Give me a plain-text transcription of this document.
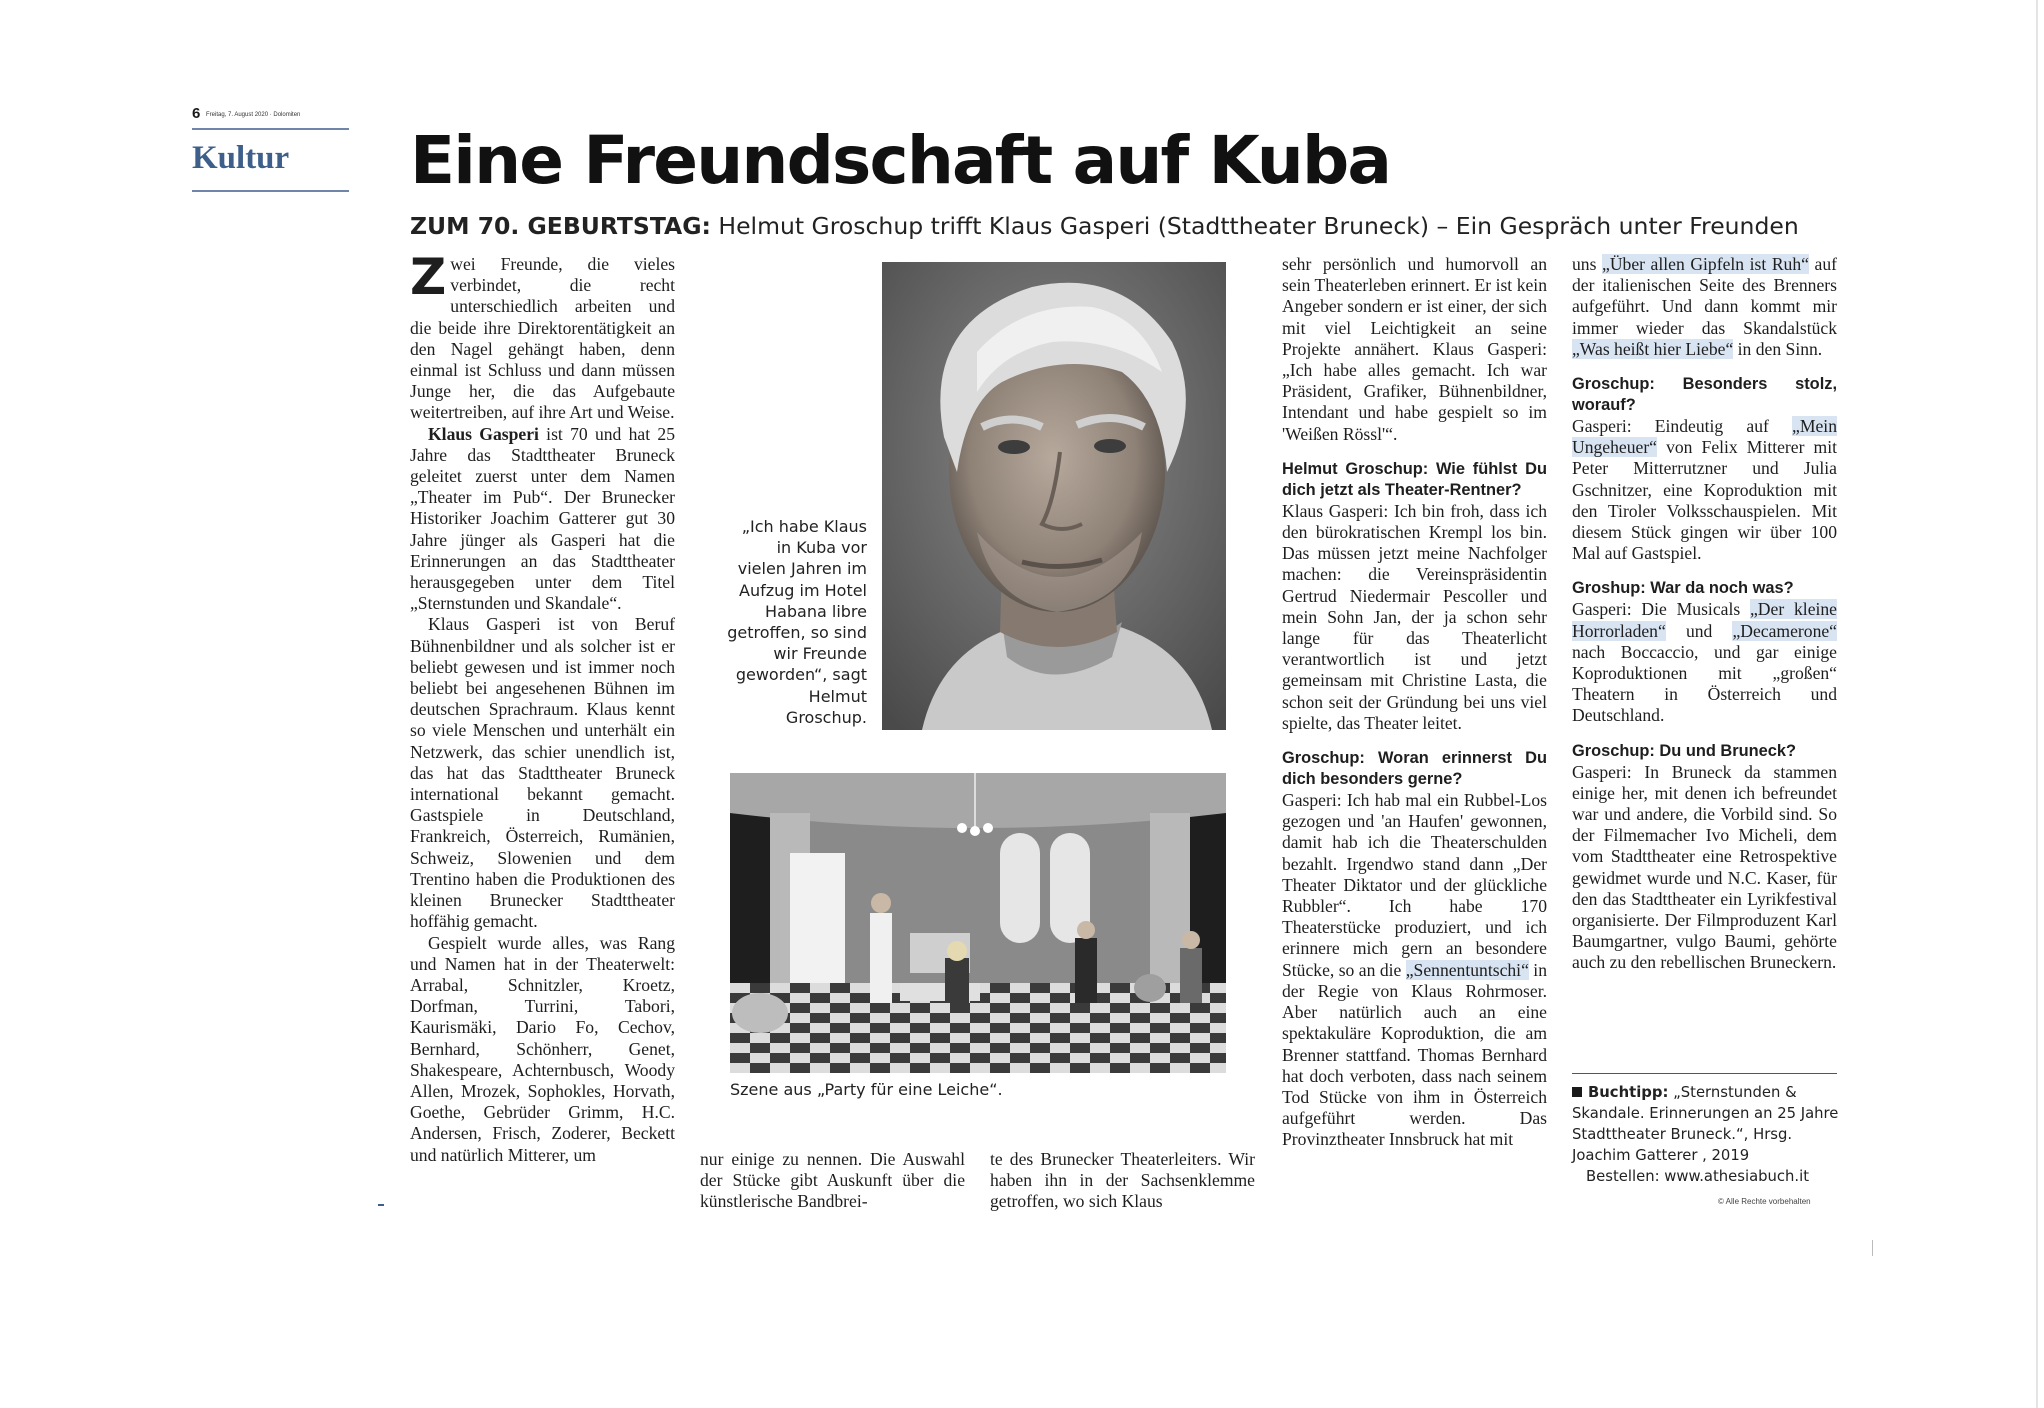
6 Freitag, 7. August 2020 · Dolomiten
Kultur Eine Freundschaft auf Kuba
ZUM 70. GEBURTSTAG: Helmut Groschup trifft Klaus Gasperi (Stadttheater Bruneck) – Ein Gespräch unter Freunden

Zwei Freunde, die vieles verbindet, die recht unterschiedlich arbeiten und die beide ihre Direktorentätigkeit an den Nagel gehängt haben, denn einmal ist Schluss und dann müssen Junge her, die das Aufgebaute weitertreiben, auf ihre Art und Weise.

Klaus Gasperi ist 70 und hat 25 Jahre das Stadttheater Bruneck geleitet zuerst unter dem Namen „Theater im Pub“. Der Brunecker Historiker Joachim Gatterer gut 30 Jahre jünger als Gasperi hat die Erinnerungen an das Stadttheater herausgegeben unter dem Titel „Sternstunden und Skandale“.

Klaus Gasperi ist von Beruf Bühnenbildner und als solcher ist er beliebt gewesen und ist immer noch beliebt bei angesehenen Bühnen im deutschen Sprachraum. Klaus kennt so viele Menschen und unterhält ein Netzwerk, das schier unendlich ist, das hat das Stadttheater Bruneck international bekannt gemacht. Gastspiele in Deutschland, Frankreich, Österreich, Rumänien, Schweiz, Slowenien und dem Trentino haben die Produktionen des kleinen Brunecker Stadttheater hoffähig gemacht.

Gespielt wurde alles, was Rang und Namen hat in der Theaterwelt: Arrabal, Schnitzler, Kroetz, Dorfman, Turrini, Tabori, Kaurismäki, Dario Fo, Cechov, Bernhard, Schönherr, Genet, Shakespeare, Achternbusch, Woody Allen, Mrozek, Sophokles, Horvath, Goethe, Gebrüder Grimm, H.C. Andersen, Frisch, Zoderer, Beckett und natürlich Mitterer, um

„Ich habe Klaus in Kuba vor vielen Jahren im Aufzug im Hotel Habana libre getroffen, so sind wir Freunde geworden“, sagt Helmut Groschup.
Szene aus „Party für eine Leiche“.

nur einige zu nennen. Die Auswahl der Stücke gibt Auskunft über die künstlerische Bandbrei-

te des Brunecker Theaterleiters. Wir haben ihn in der Sachsenklemme getroffen, wo sich Klaus

sehr persönlich und humorvoll an sein Theaterleben erinnert. Er ist kein Angeber sondern er ist einer, der sich mit viel Leichtigkeit an seine Projekte annähert. Klaus Gasperi: „Ich habe alles gemacht. Ich war Präsident, Grafiker, Bühnenbildner, Intendant und habe gespielt so im 'Weißen Rössl'“.

Helmut Groschup: Wie fühlst Du dich jetzt als Theater-Rentner?

Klaus Gasperi: Ich bin froh, dass ich den bürokratischen Krempl los bin. Das müssen jetzt meine Nachfolger machen: die Vereinspräsidentin Gertrud Niedermair Pescoller und mein Sohn Jan, der ja schon sehr lange für das Theaterlicht verantwortlich ist und jetzt gemeinsam mit Christine Lasta, die schon seit der Gründung bei uns viel spielte, das Theater leitet.

Groschup: Woran erinnerst Du dich besonders gerne?

Gasperi: Ich hab mal ein Rubbel-Los gezogen und 'an Haufen' gewonnen, damit hab ich die Theaterschulden bezahlt. Irgendwo stand dann „Der Theater Diktator und der glückliche Rubbler“. Ich habe 170 Theaterstücke produziert, und ich erinnere mich gern an besondere Stücke, so an die „Sennentuntschi“ in der Regie von Klaus Rohrmoser. Aber natürlich auch an eine spektakuläre Koproduktion, die am Brenner stattfand. Thomas Bernhard hat doch verboten, dass nach seinem Tod Stücke von ihm in Österreich aufgeführt werden. Das Provinztheater Innsbruck hat mit

uns „Über allen Gipfeln ist Ruh“ auf der italienischen Seite des Brenners aufgeführt. Und dann kommt mir immer wieder das Skandalstück „Was heißt hier Liebe“ in den Sinn.

Groschup: Besonders stolz, worauf?

Gasperi: Eindeutig auf „Mein Ungeheuer“ von Felix Mitterer mit Peter Mitterrutzner und Julia Gschnitzer, eine Koproduktion mit den Tiroler Volksschauspielen. Mit diesem Stück gingen wir über 100 Mal auf Gastspiel.

Groshup: War da noch was?

Gasperi: Die Musicals „Der kleine Horrorladen“ und „Decamerone“ nach Boccaccio, und gar einige Koproduktionen mit „großen“ Theatern in Österreich und Deutschland.

Groschup: Du und Bruneck?

Gasperi: In Bruneck da stammen einige her, mit denen ich befreundet war und andere, die Vorbild sind. So der Filmemacher Ivo Micheli, dem vom Stadttheater eine Retrospektive gewidmet wurde und N.C. Kaser, für den das Stadttheater ein Lyrikfestival organisierte. Der Filmproduzent Karl Baumgartner, vulgo Baumi, gehörte auch zu den rebellischen Bruneckern.

Buchtipp: „Sternstunden & Skandale. Erinnerungen an 25 Jahre Stadttheater Bruneck.“, Hrsg. Joachim Gatterer , 2019
Bestellen: www.athesiabuch.it
© Alle Rechte vorbehalten
